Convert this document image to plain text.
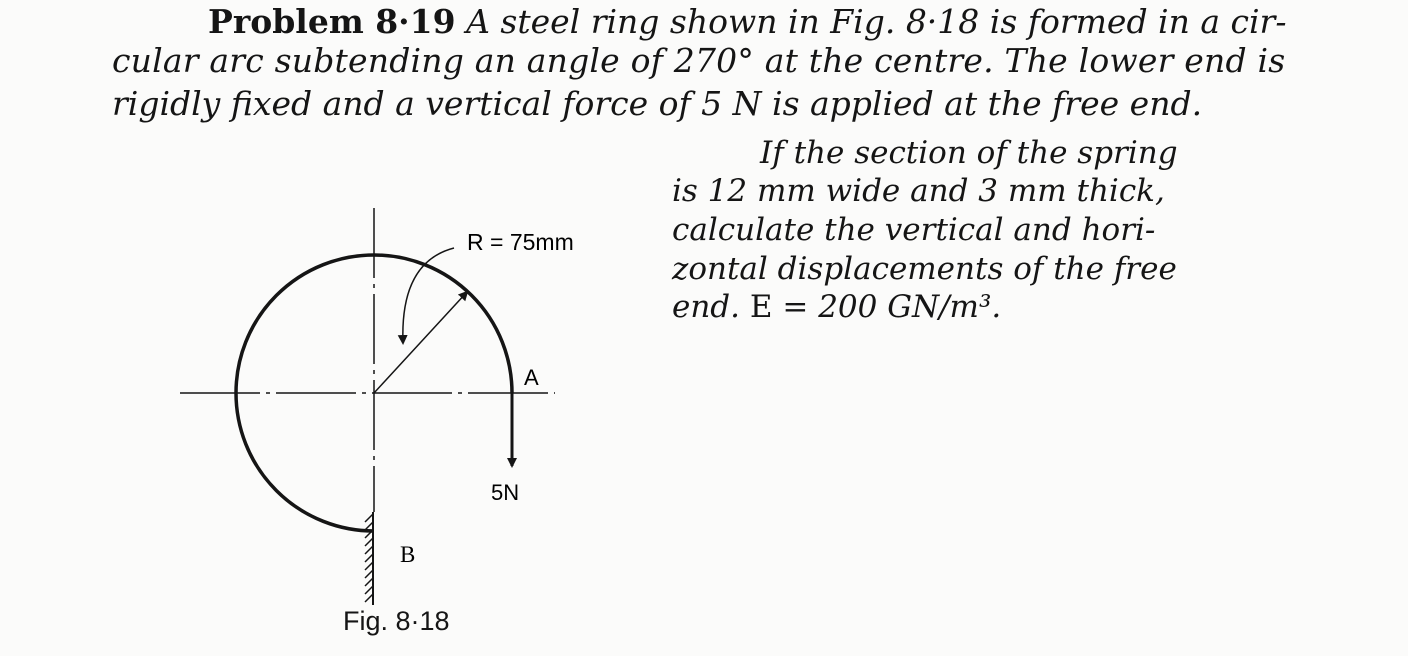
Problem 8·19 A steel ring shown in Fig. 8·18 is formed in a cir-
cular arc subtending an angle of 270° at the centre. The lower end is
rigidly fixed and a vertical force of 5 N is applied at the free end.
If the section of the spring
is 12 mm wide and 3 mm thick,
calculate the vertical and hori-
zontal displacements of the free
end. E = 200 GN/m³.
R = 75mm
A
5N
B
Fig. 8·18
